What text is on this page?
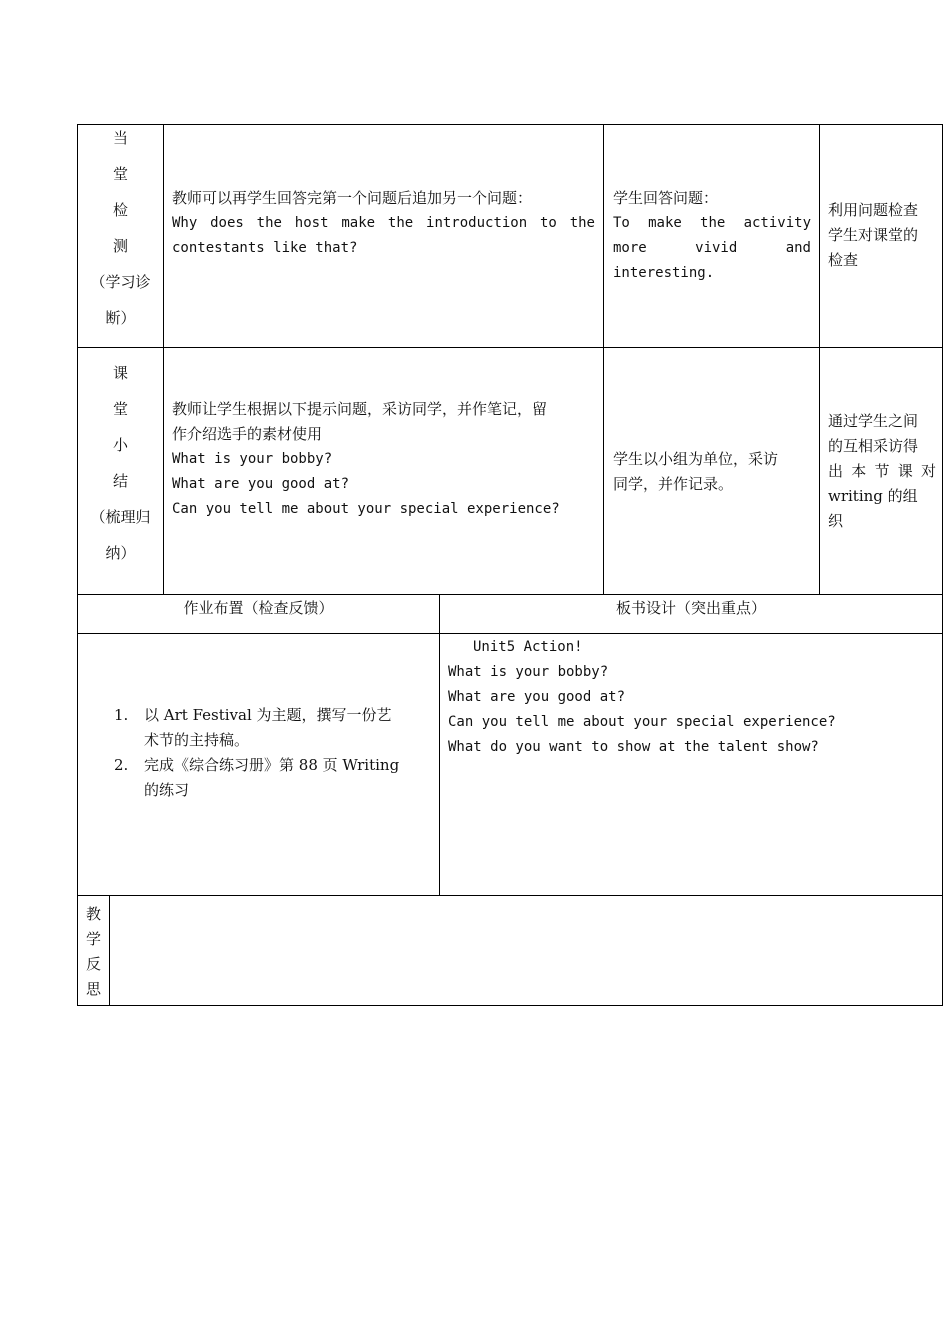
当
堂
检
测
（学习诊
断）
教师可以再学生回答完第一个问题后追加另一个问题：
Why does the host make the introduction to the
contestants like that?
学生回答问题：
To make the activity
more vivid and
interesting.
利用问题检查
学生对课堂的
检查
课
堂
小
结
（梳理归
纳）
教师让学生根据以下提示问题，采访同学，并作笔记，留
作介绍选手的素材使用
What is your bobby?
What are you good at?
Can you tell me about your special experience?
学生以小组为单位，采访
同学，并作记录。
通过学生之间
的互相采访得
出本节课对
writing 的组
织
作业布置（检查反馈）	板书设计（突出重点）
1. 以 Art Festival 为主题，撰写一份艺
术节的主持稿。
2. 完成《综合练习册》第 88 页 Writing
的练习
Unit5 Action!
What is your bobby?
What are you good at?
Can you tell me about your special experience?
What do you want to show at the talent show?
教
学
反
思
